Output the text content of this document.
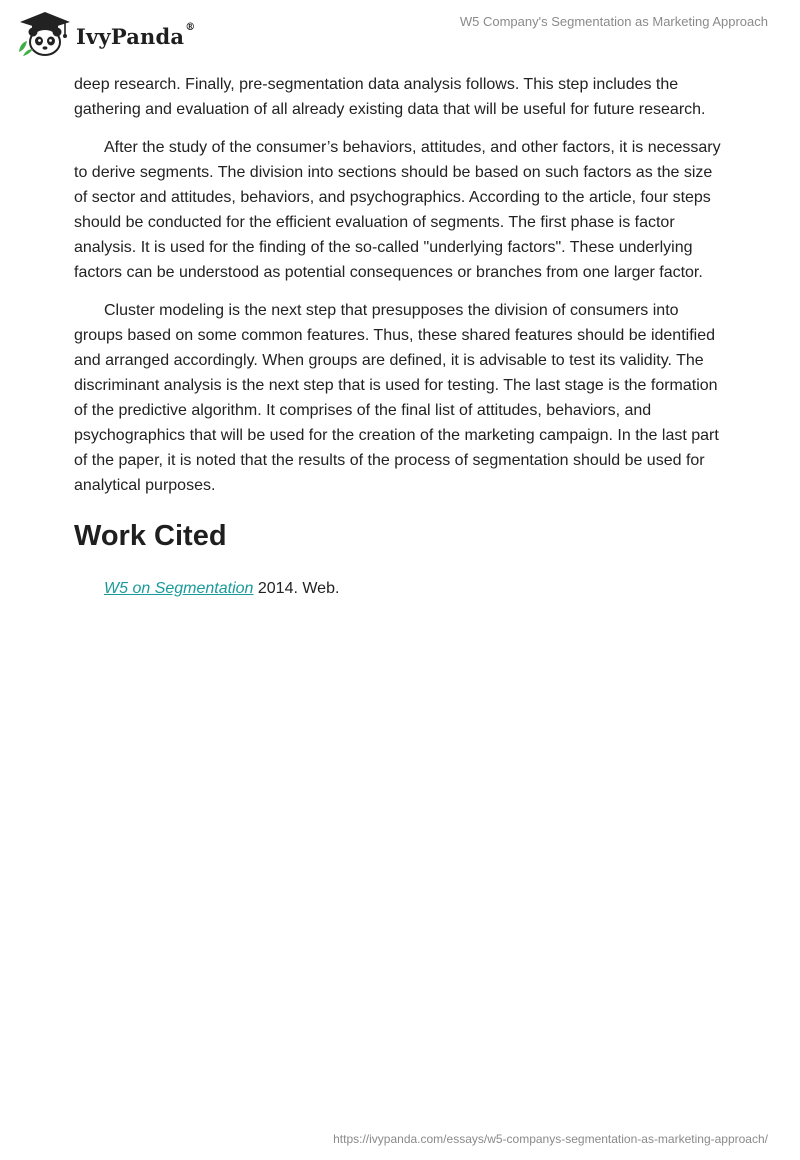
IvyPanda®	W5 Company's Segmentation as Marketing Approach

deep research. Finally, pre-segmentation data analysis follows. This step includes the gathering and evaluation of all already existing data that will be useful for future research.

After the study of the consumer’s behaviors, attitudes, and other factors, it is necessary to derive segments. The division into sections should be based on such factors as the size of sector and attitudes, behaviors, and psychographics. According to the article, four steps should be conducted for the efficient evaluation of segments. The first phase is factor analysis. It is used for the finding of the so-called "underlying factors". These underlying factors can be understood as potential consequences or branches from one larger factor.

Cluster modeling is the next step that presupposes the division of consumers into groups based on some common features. Thus, these shared features should be identified and arranged accordingly. When groups are defined, it is advisable to test its validity. The discriminant analysis is the next step that is used for testing. The last stage is the formation of the predictive algorithm. It comprises of the final list of attitudes, behaviors, and psychographics that will be used for the creation of the marketing campaign. In the last part of the paper, it is noted that the results of the process of segmentation should be used for analytical purposes.

Work Cited
W5 on Segmentation 2014. Web.
https://ivypanda.com/essays/w5-companys-segmentation-as-marketing-approach/
